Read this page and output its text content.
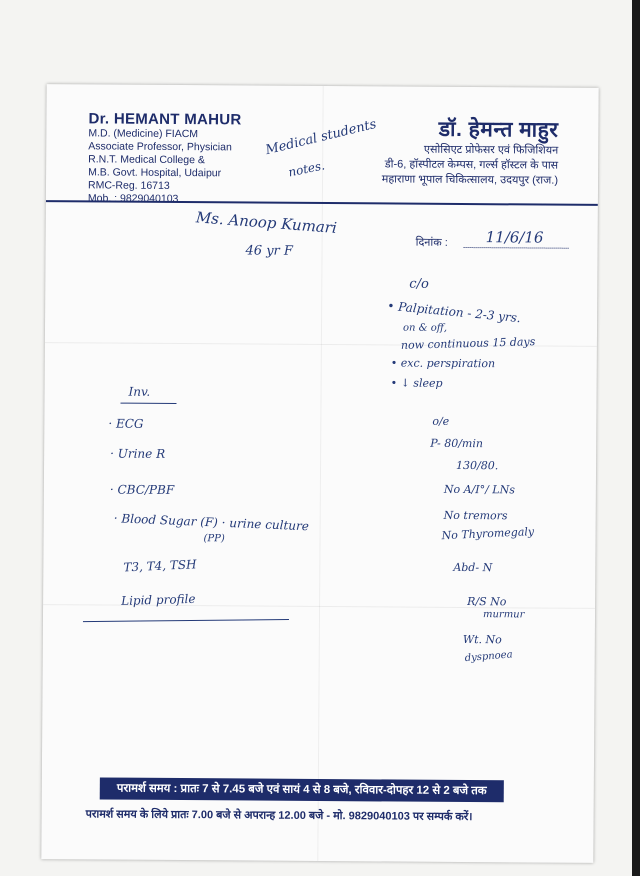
Dr. HEMANT MAHUR
M.D. (Medicine) FIACM
Associate Professor, Physician
R.N.T. Medical College &
M.B. Govt. Hospital, Udaipur
RMC-Reg. 16713
Mob. : 9829040103
डॉ. हेमन्त माहुर
एसोसिएट प्रोफेसर एवं फिजिशियन
डी-6, हॉस्पीटल केम्पस, गर्ल्स हॉस्टल के पास
महाराणा भूपाल चिकित्सालय, उदयपुर (राज.)
Medical students
notes.
Ms. Anoop Kumari
46 yr F
दिनांक :	11/6/16
c/o
• Palpitation - 2-3 yrs.
on & off,
now continuous 15 days
• exc. perspiration
• ↓ sleep
Inv.
· ECG
· Urine R
· CBC/PBF
· Blood Sugar (F) · urine culture
(PP)
T3, T4, TSH
Lipid profile
o/e
P- 80/min
130/80.
No A/I°/ LNs
No tremors
No Thyromegaly
Abd- N
R/S No
murmur
Wt. No
dyspnoea
परामर्श समय : प्रातः 7 से 7.45 बजे एवं सायं 4 से 8 बजे, रविवार-दोपहर 12 से 2 बजे तक
परामर्श समय के लिये प्रातः 7.00 बजे से अपरान्ह 12.00 बजे - मो. 9829040103 पर सम्पर्क करें।
